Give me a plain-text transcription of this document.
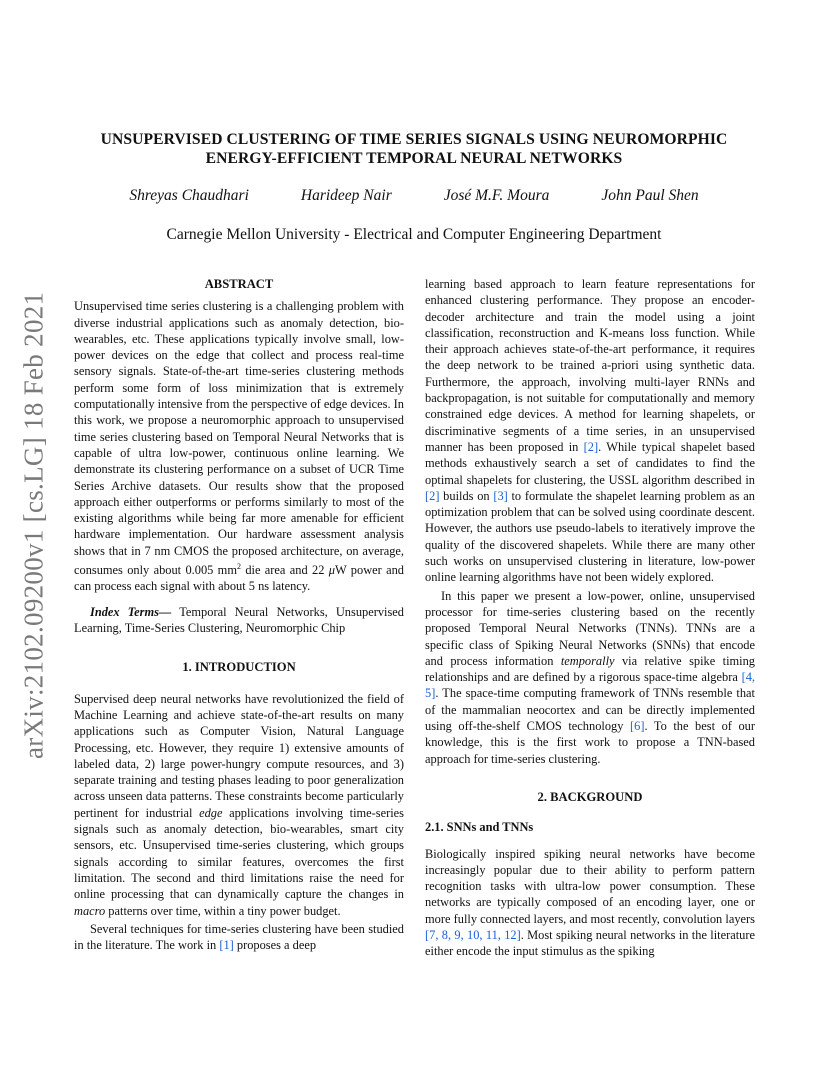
arXiv:2102.09200v1 [cs.LG] 18 Feb 2021
UNSUPERVISED CLUSTERING OF TIME SERIES SIGNALS USING NEUROMORPHIC
ENERGY-EFFICIENT TEMPORAL NEURAL NETWORKS
Shreyas Chaudhari	Harideep Nair	José M.F. Moura	John Paul Shen
Carnegie Mellon University - Electrical and Computer Engineering Department

ABSTRACT

Unsupervised time series clustering is a challenging problem with diverse industrial applications such as anomaly detection, bio-wearables, etc. These applications typically involve small, low-power devices on the edge that collect and process real-time sensory signals. State-of-the-art time-series clustering methods perform some form of loss minimization that is extremely computationally intensive from the perspective of edge devices. In this work, we propose a neuromorphic approach to unsupervised time series clustering based on Temporal Neural Networks that is capable of ultra low-power, continuous online learning. We demonstrate its clustering performance on a subset of UCR Time Series Archive datasets. Our results show that the proposed approach either outperforms or performs similarly to most of the existing algorithms while being far more amenable for efficient hardware implementation. Our hardware assessment analysis shows that in 7 nm CMOS the proposed architecture, on average, consumes only about 0.005 $mm^2$ die area and 22 μW power and can process each signal with about 5 ns latency.

Index Terms— Temporal Neural Networks, Unsupervised Learning, Time-Series Clustering, Neuromorphic Chip

1. INTRODUCTION

Supervised deep neural networks have revolutionized the field of Machine Learning and achieve state-of-the-art results on many applications such as Computer Vision, Natural Language Processing, etc. However, they require 1) extensive amounts of labeled data, 2) large power-hungry compute resources, and 3) separate training and testing phases leading to poor generalization across unseen data patterns. These constraints become particularly pertinent for industrial edge applications involving time-series signals such as anomaly detection, bio-wearables, smart city sensors, etc. Unsupervised time-series clustering, which groups signals according to similar features, overcomes the first limitation. The second and third limitations raise the need for online processing that can dynamically capture the changes in macro patterns over time, within a tiny power budget.

Several techniques for time-series clustering have been studied in the literature. The work in [1] proposes a deep

learning based approach to learn feature representations for enhanced clustering performance. They propose an encoder-decoder architecture and train the model using a joint classification, reconstruction and K-means loss function. While their approach achieves state-of-the-art performance, it requires the deep network to be trained a-priori using synthetic data. Furthermore, the approach, involving multi-layer RNNs and backpropagation, is not suitable for computationally and memory constrained edge devices. A method for learning shapelets, or discriminative segments of a time series, in an unsupervised manner has been proposed in [2]. While typical shapelet based methods exhaustively search a set of candidates to find the optimal shapelets for clustering, the USSL algorithm described in [2] builds on [3] to formulate the shapelet learning problem as an optimization problem that can be solved using coordinate descent. However, the authors use pseudo-labels to iteratively improve the quality of the discovered shapelets. While there are many other such works on unsupervised clustering in literature, low-power online learning algorithms have not been widely explored.

In this paper we present a low-power, online, unsupervised processor for time-series clustering based on the recently proposed Temporal Neural Networks (TNNs). TNNs are a specific class of Spiking Neural Networks (SNNs) that encode and process information temporally via relative spike timing relationships and are defined by a rigorous space-time algebra [4, 5]. The space-time computing framework of TNNs resemble that of the mammalian neocortex and can be directly implemented using off-the-shelf CMOS technology [6]. To the best of our knowledge, this is the first work to propose a TNN-based approach for time-series clustering.

2. BACKGROUND

2.1. SNNs and TNNs

Biologically inspired spiking neural networks have become increasingly popular due to their ability to perform pattern recognition tasks with ultra-low power consumption. These networks are typically composed of an encoding layer, one or more fully connected layers, and most recently, convolution layers [7, 8, 9, 10, 11, 12]. Most spiking neural networks in the literature either encode the input stimulus as the spiking
